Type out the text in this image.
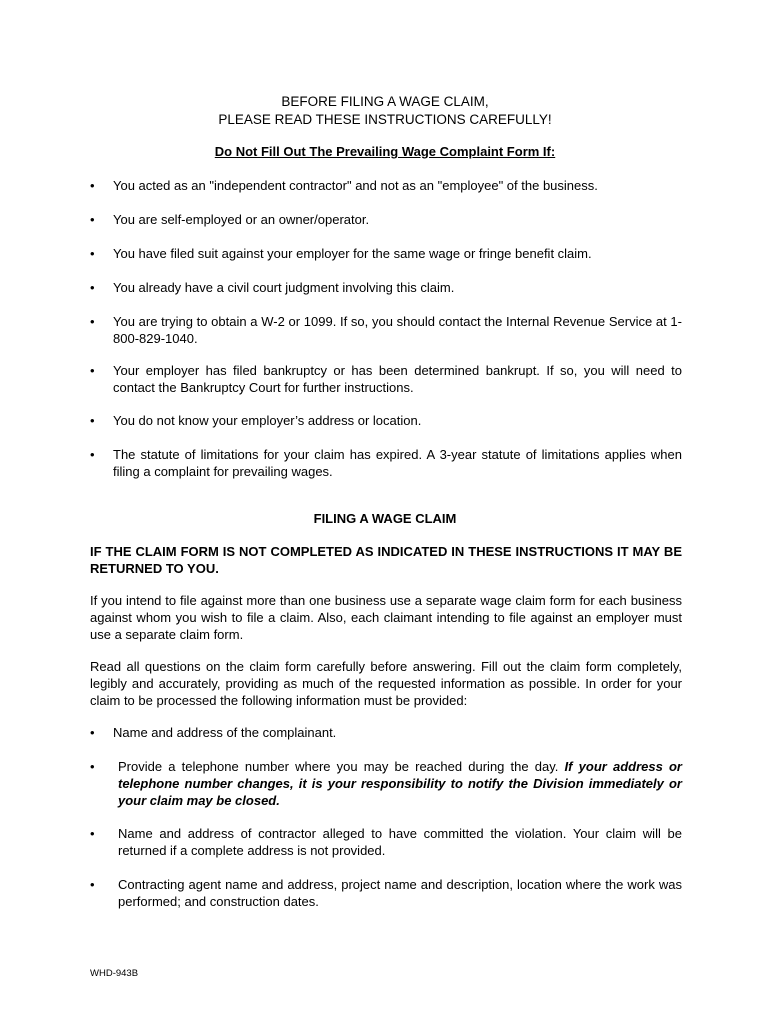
BEFORE FILING A WAGE CLAIM,
PLEASE READ THESE INSTRUCTIONS CAREFULLY!
Do Not Fill Out The Prevailing Wage Complaint Form If:
• You acted as an "independent contractor" and not as an "employee" of the business.
• You are self-employed or an owner/operator.
• You have filed suit against your employer for the same wage or fringe benefit claim.
• You already have a civil court judgment involving this claim.
• You are trying to obtain a W-2 or 1099. If so, you should contact the Internal Revenue Service at 1-800-829-1040.
• Your employer has filed bankruptcy or has been determined bankrupt. If so, you will need to contact the Bankruptcy Court for further instructions.
• You do not know your employer’s address or location.
• The statute of limitations for your claim has expired. A 3-year statute of limitations applies when filing a complaint for prevailing wages.
FILING A WAGE CLAIM
IF THE CLAIM FORM IS NOT COMPLETED AS INDICATED IN THESE INSTRUCTIONS IT MAY BE RETURNED TO YOU.

If you intend to file against more than one business use a separate wage claim form for each business against whom you wish to file a claim. Also, each claimant intending to file against an employer must use a separate claim form.

Read all questions on the claim form carefully before answering. Fill out the claim form completely, legibly and accurately, providing as much of the requested information as possible. In order for your claim to be processed the following information must be provided:

• Name and address of the complainant.
• Provide a telephone number where you may be reached during the day. If your address or telephone number changes, it is your responsibility to notify the Division immediately or your claim may be closed.
• Name and address of contractor alleged to have committed the violation. Your claim will be returned if a complete address is not provided.
• Contracting agent name and address, project name and description, location where the work was performed; and construction dates.
WHD-943B
